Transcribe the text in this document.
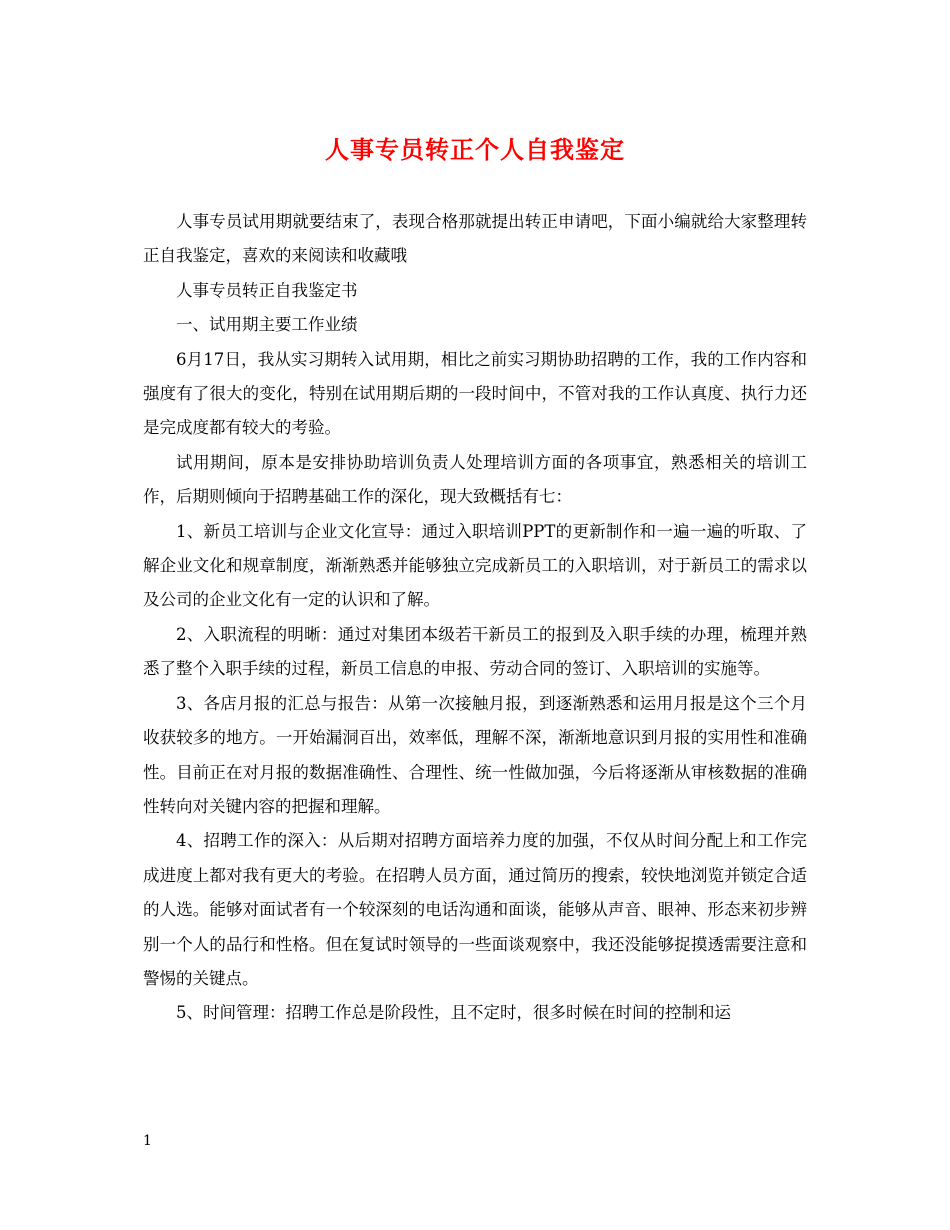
人事专员转正个人自我鉴定

人事专员试用期就要结束了，表现合格那就提出转正申请吧，下面小编就给大家整理转正自我鉴定，喜欢的来阅读和收藏哦

人事专员转正自我鉴定书

一、试用期主要工作业绩

6月17日，我从实习期转入试用期，相比之前实习期协助招聘的工作，我的工作内容和强度有了很大的变化，特别在试用期后期的一段时间中，不管对我的工作认真度、执行力还是完成度都有较大的考验。

试用期间，原本是安排协助培训负责人处理培训方面的各项事宜，熟悉相关的培训工作，后期则倾向于招聘基础工作的深化，现大致概括有七：

1、新员工培训与企业文化宣导：通过入职培训PPT的更新制作和一遍一遍的听取、了解企业文化和规章制度，渐渐熟悉并能够独立完成新员工的入职培训，对于新员工的需求以及公司的企业文化有一定的认识和了解。

2、入职流程的明晰：通过对集团本级若干新员工的报到及入职手续的办理，梳理并熟悉了整个入职手续的过程，新员工信息的申报、劳动合同的签订、入职培训的实施等。

3、各店月报的汇总与报告：从第一次接触月报，到逐渐熟悉和运用月报是这个三个月收获较多的地方。一开始漏洞百出，效率低，理解不深，渐渐地意识到月报的实用性和准确性。目前正在对月报的数据准确性、合理性、统一性做加强，今后将逐渐从审核数据的准确性转向对关键内容的把握和理解。

4、招聘工作的深入：从后期对招聘方面培养力度的加强，不仅从时间分配上和工作完成进度上都对我有更大的考验。在招聘人员方面，通过简历的搜索，较快地浏览并锁定合适的人选。能够对面试者有一个较深刻的电话沟通和面谈，能够从声音、眼神、形态来初步辨别一个人的品行和性格。但在复试时领导的一些面谈观察中，我还没能够捉摸透需要注意和警惕的关键点。

5、时间管理：招聘工作总是阶段性，且不定时，很多时候在时间的控制和运

1
